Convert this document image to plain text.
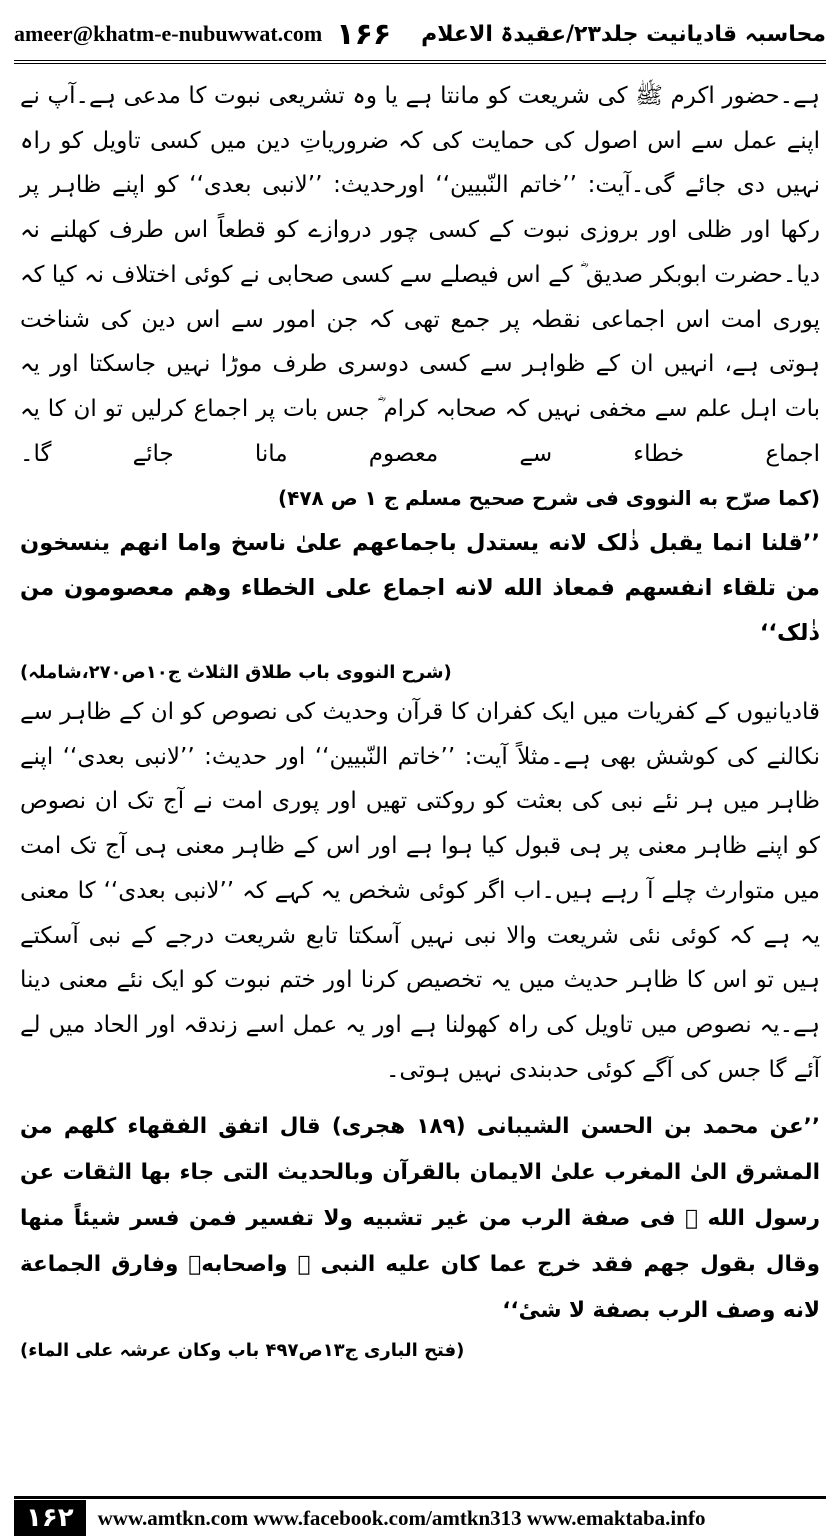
ameer@khatm-e-nubuwwat.com ۱۶۶ محاسبہ قادیانیت جلد۲۳/عقیدۃ الاعلام

ہے۔حضور اکرم ﷺ کی شریعت کو مانتا ہے یا وہ تشریعی نبوت کا مدعی ہے۔آپ نے اپنے عمل سے اس اصول کی حمایت کی کہ ضروریاتِ دین میں کسی تاویل کو راہ نہیں دی جائے گی۔آیت: ’’خاتم النّبیین‘‘ اورحدیث: ’’لانبی بعدی‘‘ کو اپنے ظاہر پر رکھا اور ظلی اور بروزی نبوت کے کسی چور دروازے کو قطعاً اس طرف کھلنے نہ دیا۔حضرت ابوبکر صدیق ؓ کے اس فیصلے سے کسی صحابی نے کوئی اختلاف نہ کیا کہ پوری امت اس اجماعی نقطہ پر جمع تھی کہ جن امور سے اس دین کی شناخت ہوتی ہے، انہیں ان کے ظواہر سے کسی دوسری طرف موڑا نہیں جاسکتا اور یہ بات اہل علم سے مخفی نہیں کہ صحابہ کرام ؓ جس بات پر اجماع کرلیں تو ان کا یہ اجماع خطاء سے معصوم مانا جائے گا۔ (کما صرّح به النووی فی شرح صحیح مسلم ج ۱ ص ۴۷۸)

’’قلنا انما یقبل ذٰلک لانه یستدل باجماعهم علیٰ ناسخ واما انهم ینسخون من تلقاء انفسهم فمعاذ الله لانه اجماع علی الخطاء وهم معصومون من ذٰلک‘‘

(شرح النووی باب طلاق الثلاث ج۱۰ص۲۷۰،شاملہ)

قادیانیوں کے کفریات میں ایک کفران کا قرآن وحدیث کی نصوص کو ان کے ظاہر سے نکالنے کی کوشش بھی ہے۔مثلاً آیت: ’’خاتم النّبیین‘‘ اور حدیث: ’’لانبی بعدی‘‘ اپنے ظاہر میں ہر نئے نبی کی بعثت کو روکتی تھیں اور پوری امت نے آج تک ان نصوص کو اپنے ظاہر معنی پر ہی قبول کیا ہوا ہے اور اس کے ظاہر معنی ہی آج تک امت میں متوارث چلے آ رہے ہیں۔اب اگر کوئی شخص یہ کہے کہ ’’لانبی بعدی‘‘ کا معنی یہ ہے کہ کوئی نئی شریعت والا نبی نہیں آسکتا تابع شریعت درجے کے نبی آسکتے ہیں تو اس کا ظاہر حدیث میں یہ تخصیص کرنا اور ختم نبوت کو ایک نئے معنی دینا ہے۔یہ نصوص میں تاویل کی راہ کھولنا ہے اور یہ عمل اسے زندقہ اور الحاد میں لے آئے گا جس کی آگے کوئی حدبندی نہیں ہوتی۔

’’عن محمد بن الحسن الشیبانی (۱۸۹ ھجری) قال اتفق الفقهاء کلهم من المشرق الیٰ المغرب علیٰ الایمان بالقرآن وبالحدیث التی جاء بها الثقات عن رسول الله ﷺ فی صفة الرب من غیر تشبیه ولا تفسیر فمن فسر شیئاً منها وقال بقول جهم فقد خرج عما کان علیه النبی ﷺ واصحابهؓ وفارق الجماعة لانه وصف الرب بصفة لا شیٔ‘‘

(فتح الباری ج۱۳ص۴۹۷ باب وکان عرشہ علی الماء)

۱۶۲	www.amtkn.com www.facebook.com/amtkn313 www.emaktaba.info
